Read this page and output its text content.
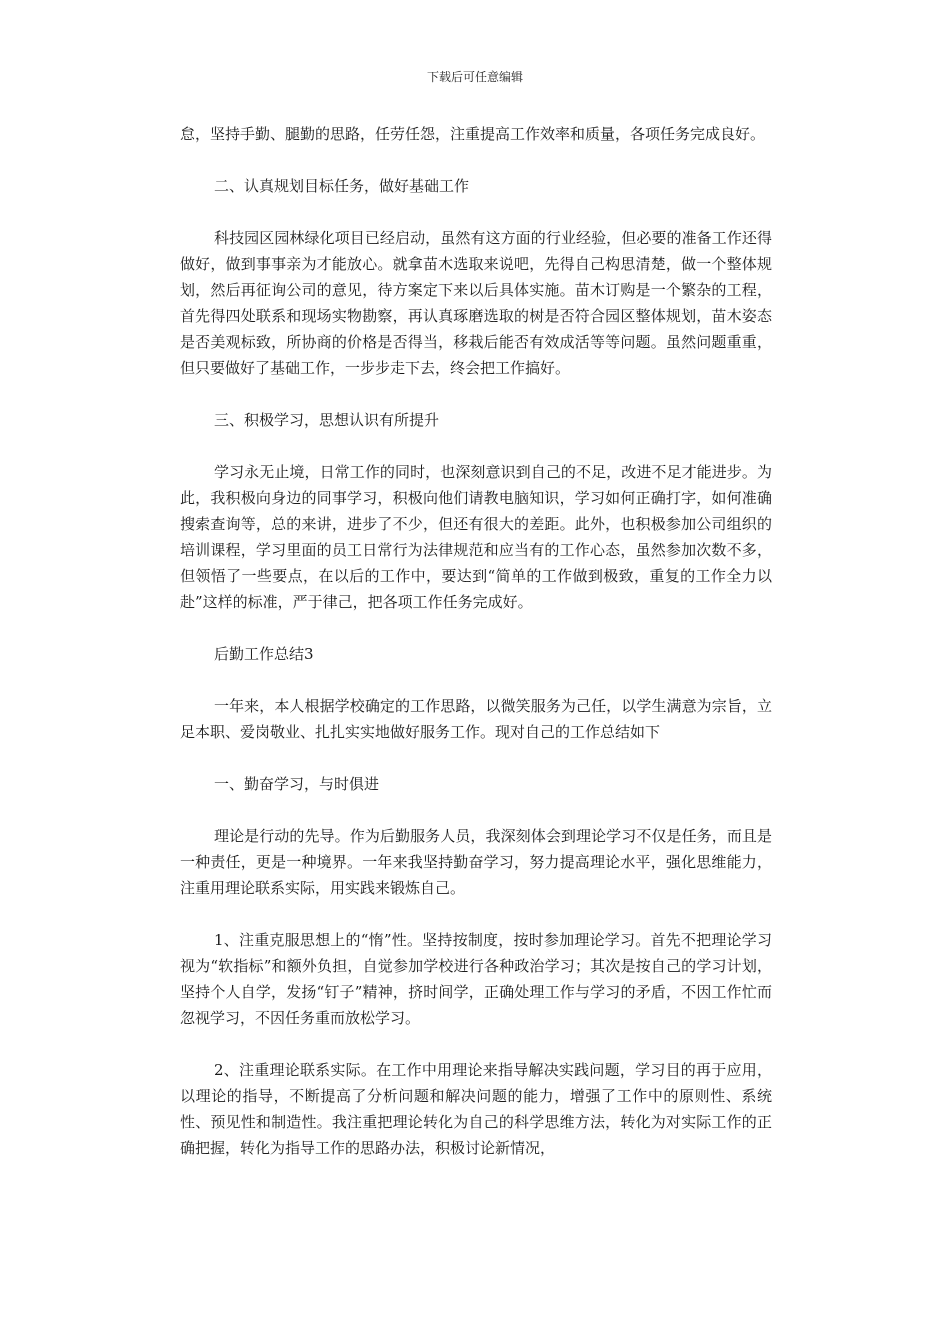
下载后可任意编辑

怠，坚持手勤、腿勤的思路，任劳任怨，注重提高工作效率和质量，各项任务完成良好。

二、认真规划目标任务，做好基础工作

科技园区园林绿化项目已经启动，虽然有这方面的行业经验，但必要的准备工作还得做好，做到事事亲为才能放心。就拿苗木选取来说吧，先得自己构思清楚，做一个整体规划，然后再征询公司的意见，待方案定下来以后具体实施。苗木订购是一个繁杂的工程，首先得四处联系和现场实物勘察，再认真琢磨选取的树是否符合园区整体规划，苗木姿态是否美观标致，所协商的价格是否得当，移栽后能否有效成活等等问题。虽然问题重重，但只要做好了基础工作，一步步走下去，终会把工作搞好。

三、积极学习，思想认识有所提升

学习永无止境，日常工作的同时，也深刻意识到自己的不足，改进不足才能进步。为此，我积极向身边的同事学习，积极向他们请教电脑知识，学习如何正确打字，如何准确搜索查询等，总的来讲，进步了不少，但还有很大的差距。此外，也积极参加公司组织的培训课程，学习里面的员工日常行为法律规范和应当有的工作心态，虽然参加次数不多，但领悟了一些要点，在以后的工作中，要达到“简单的工作做到极致，重复的工作全力以赴”这样的标准，严于律己，把各项工作任务完成好。

后勤工作总结3

一年来，本人根据学校确定的工作思路，以微笑服务为己任，以学生满意为宗旨，立足本职、爱岗敬业、扎扎实实地做好服务工作。现对自己的工作总结如下

一、勤奋学习，与时俱进

理论是行动的先导。作为后勤服务人员，我深刻体会到理论学习不仅是任务，而且是一种责任，更是一种境界。一年来我坚持勤奋学习，努力提高理论水平，强化思维能力，注重用理论联系实际，用实践来锻炼自己。

1、注重克服思想上的“惰”性。坚持按制度，按时参加理论学习。首先不把理论学习视为“软指标”和额外负担，自觉参加学校进行各种政治学习；其次是按自己的学习计划，坚持个人自学，发扬“钉子”精神，挤时间学，正确处理工作与学习的矛盾，不因工作忙而忽视学习，不因任务重而放松学习。

2、注重理论联系实际。在工作中用理论来指导解决实践问题，学习目的再于应用，以理论的指导，不断提高了分析问题和解决问题的能力，增强了工作中的原则性、系统性、预见性和制造性。我注重把理论转化为自己的科学思维方法，转化为对实际工作的正确把握，转化为指导工作的思路办法，积极讨论新情况，
